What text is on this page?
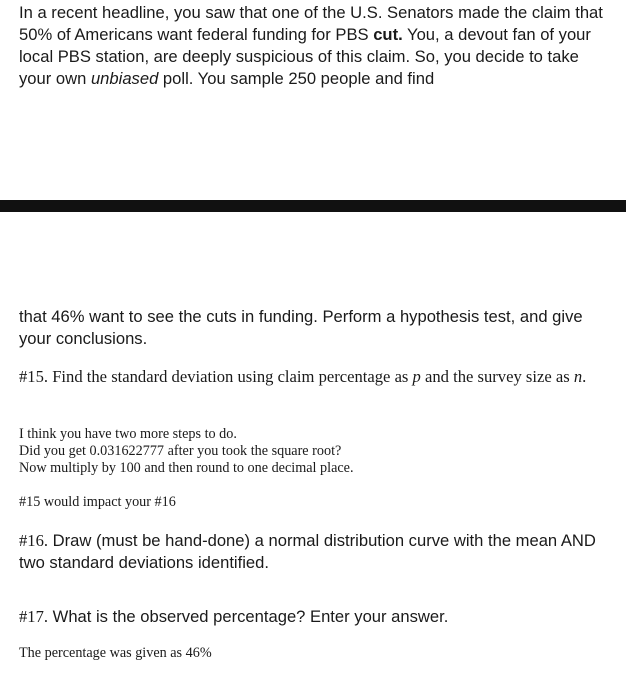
In a recent headline, you saw that one of the U.S. Senators made the claim that 50% of Americans want federal funding for PBS cut. You, a devout fan of your local PBS station, are deeply suspicious of this claim. So, you decide to take your own unbiased poll. You sample 250 people and find

that 46% want to see the cuts in funding. Perform a hypothesis test, and give your conclusions.

#15. Find the standard deviation using claim percentage as p and the survey size as n.

I think you have two more steps to do.
Did you get 0.031622777 after you took the square root?
Now multiply by 100 and then round to one decimal place.

#15 would impact your #16

#16. Draw (must be hand-done) a normal distribution curve with the mean AND two standard deviations identified.

#17. What is the observed percentage? Enter your answer.

The percentage was given as 46%
